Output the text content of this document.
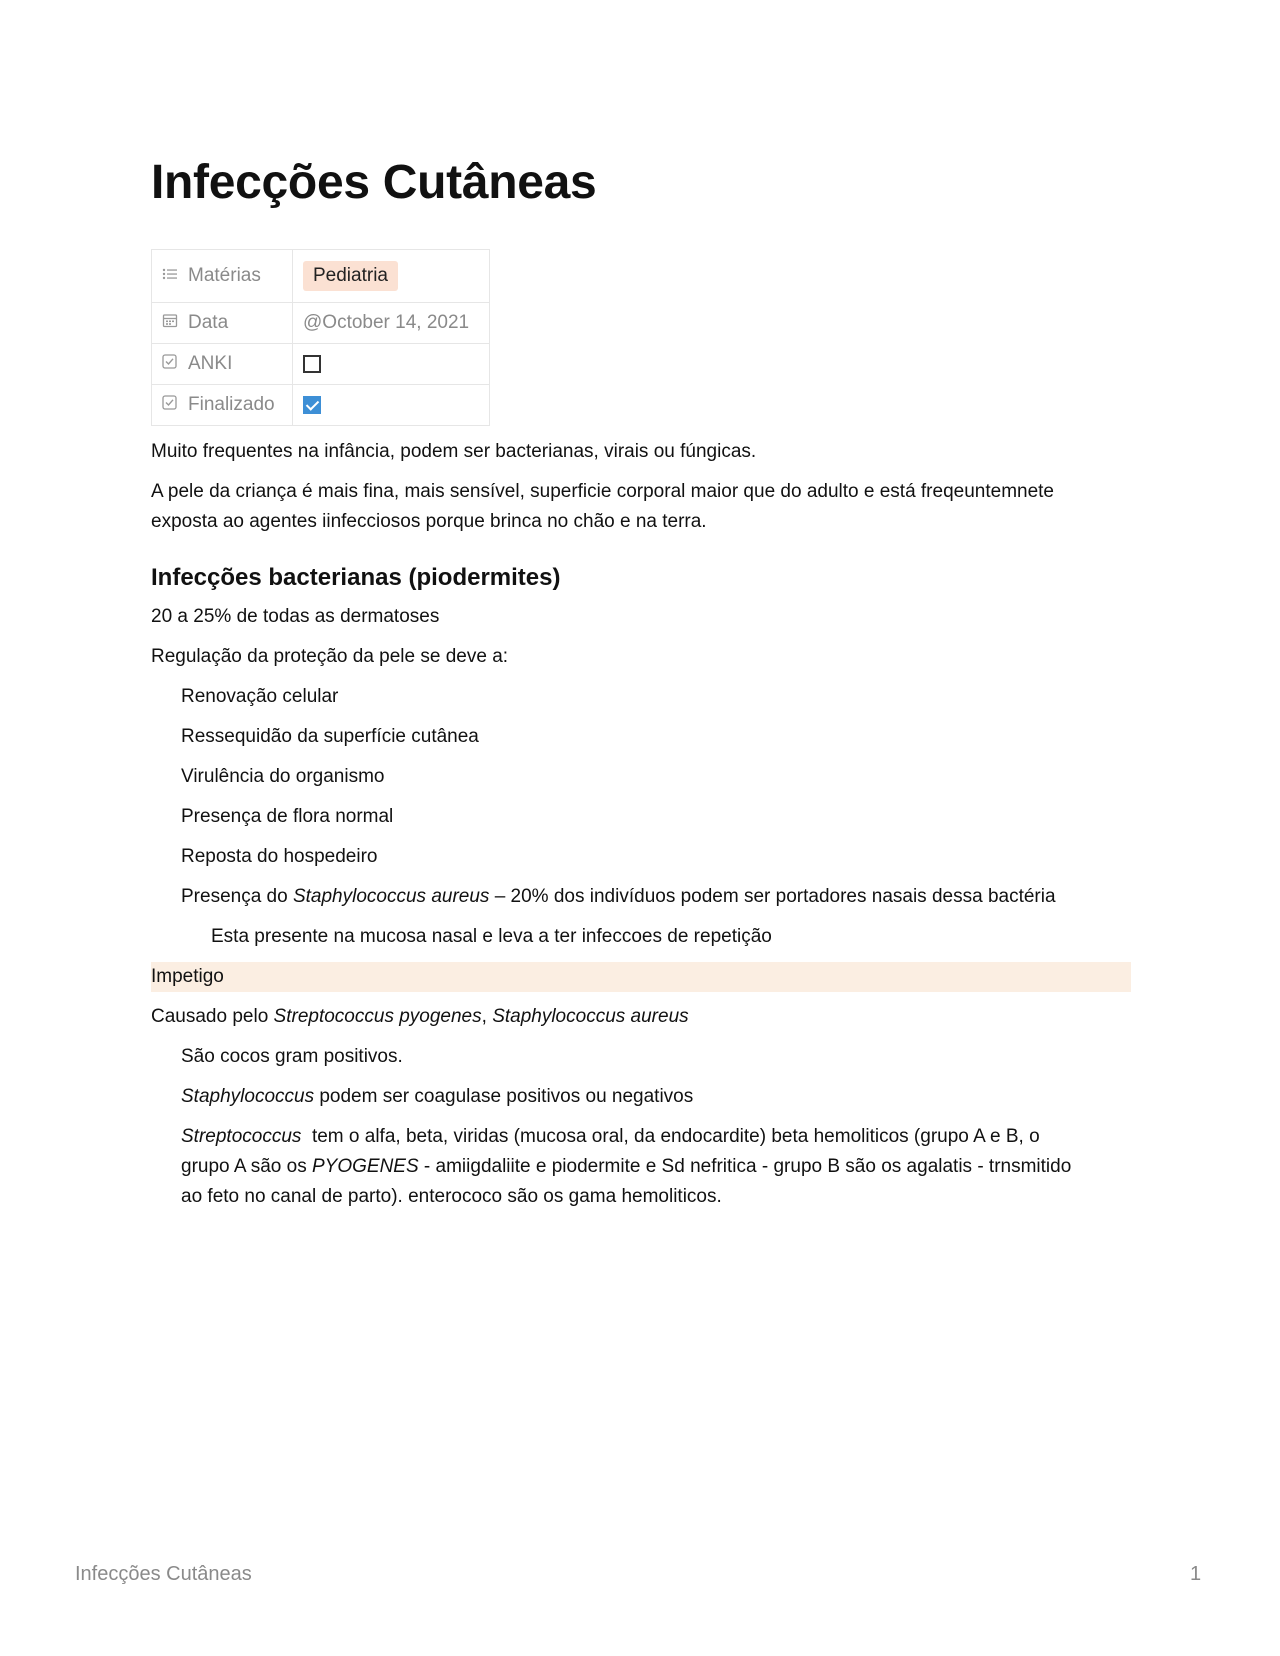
Infecções Cutâneas
Matérias	Pediatria
Data	@October 14, 2021
ANKI	
Finalizado	
Muito frequentes na infância, podem ser bacterianas, virais ou fúngicas.
A pele da criança é mais fina, mais sensível, superficie corporal maior que do adulto e está freqeuntemnete
exposta ao agentes iinfecciosos porque brinca no chão e na terra.
Infecções bacterianas (piodermites)
20 a 25% de todas as dermatoses
Regulação da proteção da pele se deve a:
Renovação celular
Ressequidão da superfície cutânea
Virulência do organismo
Presença de flora normal
Reposta do hospedeiro
Presença do Staphylococcus aureus – 20% dos indivíduos podem ser portadores nasais dessa bactéria
Esta presente na mucosa nasal e leva a ter infeccoes de repetição
Impetigo
Causado pelo Streptococcus pyogenes, Staphylococcus aureus
São cocos gram positivos.
Staphylococcus podem ser coagulase positivos ou negativos
Streptococcus  tem o alfa, beta, viridas (mucosa oral, da endocardite) beta hemoliticos (grupo A e B, o
grupo A são os PYOGENES - amiigdaliite e piodermite e Sd nefritica - grupo B são os agalatis - trnsmitido
ao feto no canal de parto). enterococo são os gama hemoliticos.
Infecções Cutâneas	1
